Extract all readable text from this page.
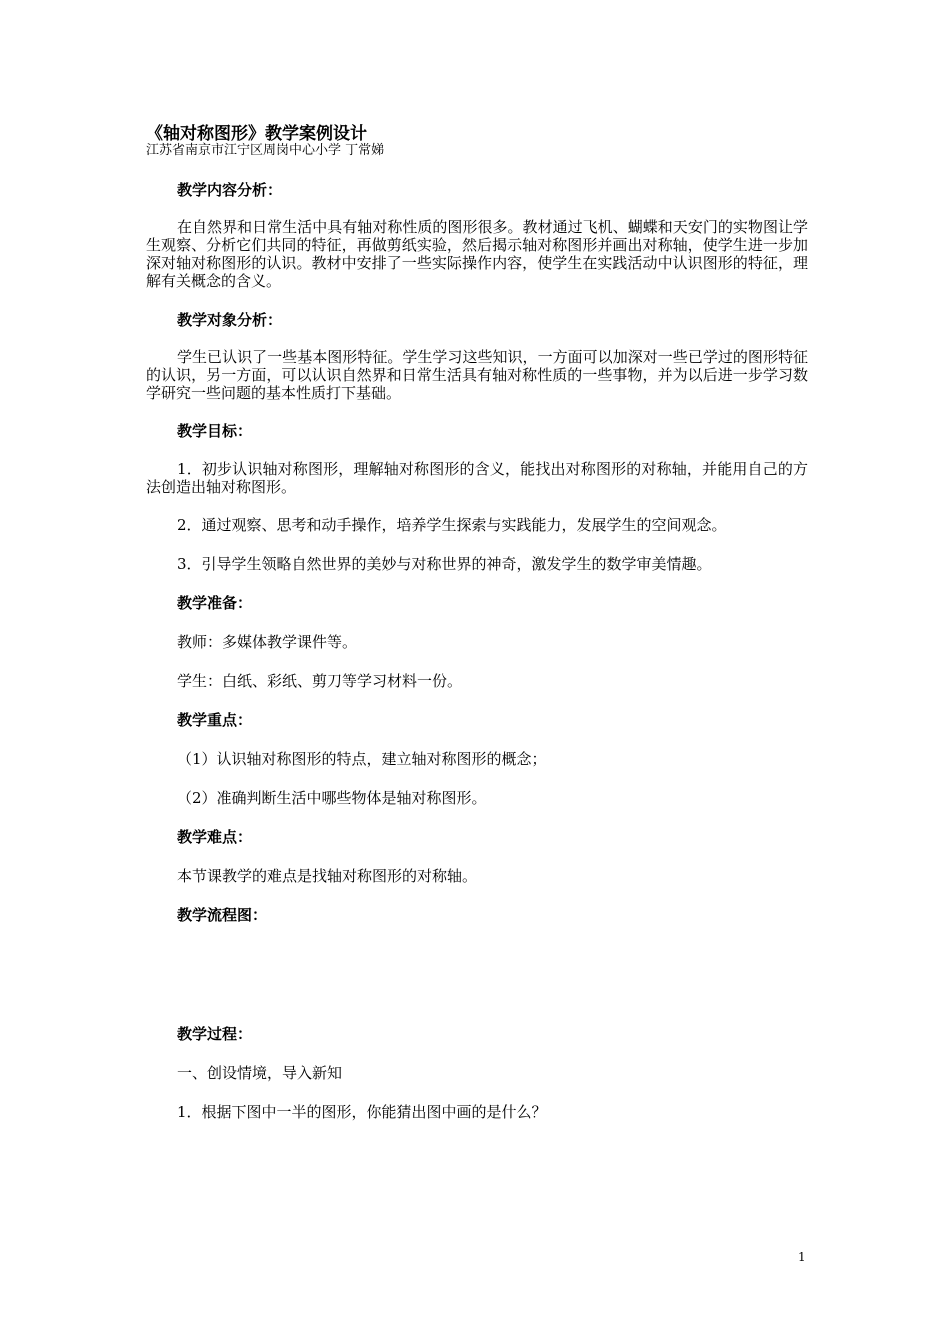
《轴对称图形》教学案例设计
江苏省南京市江宁区周岗中心小学 丁常娣
教学内容分析：

在自然界和日常生活中具有轴对称性质的图形很多。教材通过飞机、蝴蝶和天安门的实物图让学生观察、分析它们共同的特征，再做剪纸实验，然后揭示轴对称图形并画出对称轴，使学生进一步加深对轴对称图形的认识。教材中安排了一些实际操作内容，使学生在实践活动中认识图形的特征，理解有关概念的含义。

教学对象分析：

学生已认识了一些基本图形特征。学生学习这些知识，一方面可以加深对一些已学过的图形特征的认识，另一方面，可以认识自然界和日常生活具有轴对称性质的一些事物，并为以后进一步学习数学研究一些问题的基本性质打下基础。

教学目标：

1．初步认识轴对称图形，理解轴对称图形的含义，能找出对称图形的对称轴，并能用自己的方法创造出轴对称图形。

2．通过观察、思考和动手操作，培养学生探索与实践能力，发展学生的空间观念。
3．引导学生领略自然世界的美妙与对称世界的神奇，激发学生的数学审美情趣。
教学准备：
教师：多媒体教学课件等。
学生：白纸、彩纸、剪刀等学习材料一份。
教学重点：
（1）认识轴对称图形的特点，建立轴对称图形的概念；
（2）准确判断生活中哪些物体是轴对称图形。
教学难点：
本节课教学的难点是找轴对称图形的对称轴。
教学流程图：
教学过程：
一、创设情境，导入新知
1．根据下图中一半的图形，你能猜出图中画的是什么？
1
